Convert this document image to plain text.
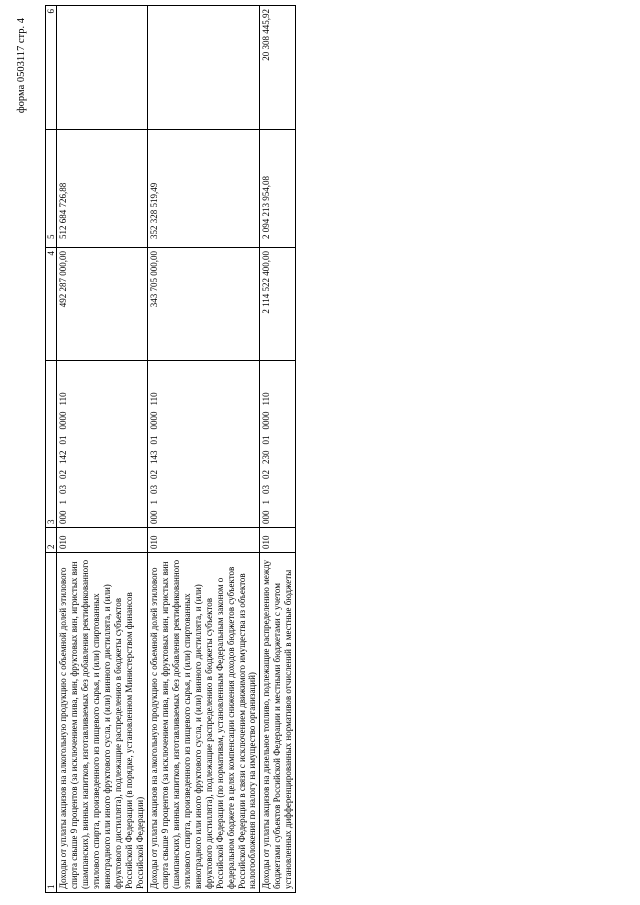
форма 0503117 стр. 4
1	2	3	4	5	6
Доходы от уплаты акцизов на алкогольную продукцию с объемной долей этилового спирта свыше 9 процентов (за исключением пива, вин, фруктовых вин, игристых вин (шампанских), винных напитков, изготавливаемых без добавления ректификованного этилового спирта, произведенного из пищевого сырья, и (или) спиртованных виноградного или иного фруктового сусла, и (или) винного дистиллята, и (или) фруктового дистиллята), подлежащие распределению в бюджеты субъектов Российской Федерации (в порядке, установленном Министерством финансов Российской Федерации)	010	00010302142010000110	492 287 000,00	512 684 726,88	
Доходы от уплаты акцизов на алкогольную продукцию с объемной долей этилового спирта свыше 9 процентов (за исключением пива, вин, фруктовых вин, игристых вин (шампанских), винных напитков, изготавливаемых без добавления ректификованного этилового спирта, произведенного из пищевого сырья, и (или) спиртованных виноградного или иного фруктового сусла, и (или) винного дистиллята, и (или) фруктового дистиллята), подлежащие распределению в бюджеты субъектов Российской Федерации (по нормативам, установленным Федеральным законом о федеральном бюджете в целях компенсации снижения доходов бюджетов субъектов Российской Федерации в связи с исключением движимого имущества из объектов налогообложения по налогу на имущество организаций)	010	00010302143010000110	343 705 000,00	352 328 519,49	
Доходы от уплаты акцизов на дизельное топливо, подлежащие распределению между бюджетами субъектов Российской Федерации и местными бюджетами с учетом установленных дифференцированных нормативов отчислений в местные бюджеты	010	00010302230010000110	2 114 522 400,00	2 094 213 954,08	20 308 445,92
